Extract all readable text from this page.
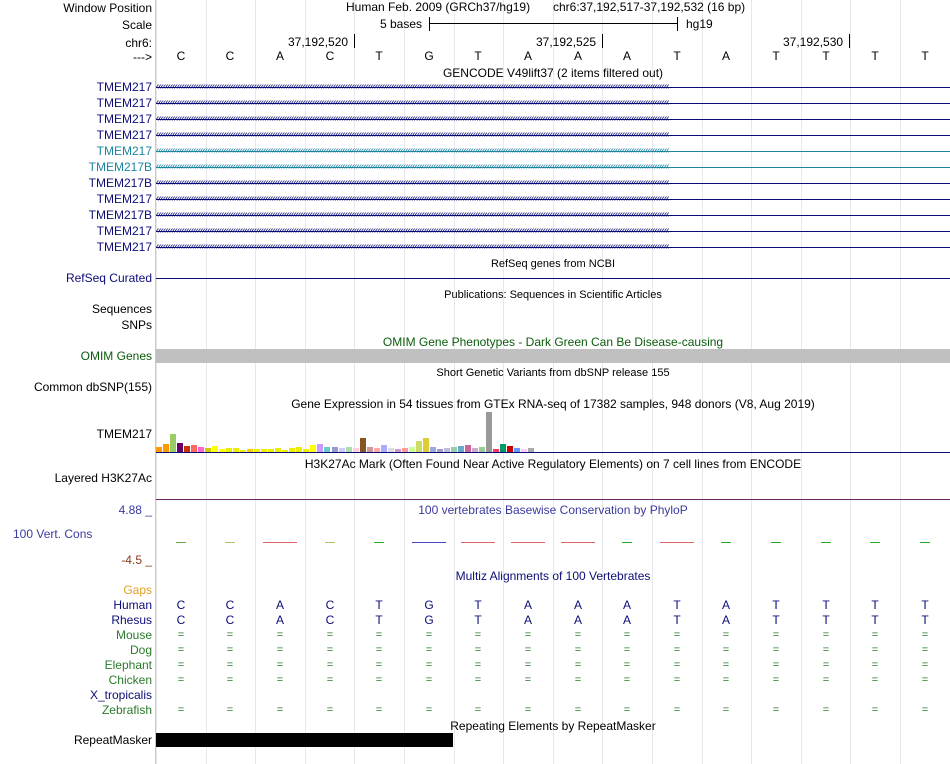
Window Position
Scale
chr6:
--->
Human Feb. 2009 (GRCh37/hg19) chr6:37,192,517-37,192,532 (16 bp)
5 bases	hg19
37,192,520	37,192,525	37,192,530
C	C	A	C	T	G	T	A	A	A	T	A	T	T	T	T
GENCODE V49lift37 (2 items filtered out)
TMEM217 ‹‹‹‹‹‹‹‹‹‹‹‹‹‹‹‹‹‹‹‹‹‹‹‹‹‹‹‹‹‹‹‹‹‹‹‹‹‹‹‹‹‹‹‹‹‹‹‹‹‹‹‹‹‹‹‹‹‹‹‹‹‹‹‹‹‹‹‹‹‹‹‹‹‹‹‹‹‹‹‹‹‹‹‹‹‹‹‹‹‹‹‹‹‹‹‹‹‹‹‹‹‹‹‹‹‹‹‹‹‹‹‹‹‹‹‹‹‹‹‹‹‹‹‹‹‹‹‹‹‹‹‹‹‹‹‹‹‹‹‹‹‹‹‹‹‹‹‹‹‹‹‹‹‹‹‹‹‹‹‹‹‹‹‹‹‹‹‹‹‹‹‹‹‹‹‹‹‹‹‹‹‹‹‹‹‹‹‹‹‹‹‹‹‹‹‹‹‹‹‹‹‹‹‹‹‹‹‹‹‹‹‹‹‹‹‹‹‹‹‹
TMEM217 ‹‹‹‹‹‹‹‹‹‹‹‹‹‹‹‹‹‹‹‹‹‹‹‹‹‹‹‹‹‹‹‹‹‹‹‹‹‹‹‹‹‹‹‹‹‹‹‹‹‹‹‹‹‹‹‹‹‹‹‹‹‹‹‹‹‹‹‹‹‹‹‹‹‹‹‹‹‹‹‹‹‹‹‹‹‹‹‹‹‹‹‹‹‹‹‹‹‹‹‹‹‹‹‹‹‹‹‹‹‹‹‹‹‹‹‹‹‹‹‹‹‹‹‹‹‹‹‹‹‹‹‹‹‹‹‹‹‹‹‹‹‹‹‹‹‹‹‹‹‹‹‹‹‹‹‹‹‹‹‹‹‹‹‹‹‹‹‹‹‹‹‹‹‹‹‹‹‹‹‹‹‹‹‹‹‹‹‹‹‹‹‹‹‹‹‹‹‹‹‹‹‹‹‹‹‹‹‹‹‹‹‹‹‹‹‹‹‹‹‹
TMEM217 ‹‹‹‹‹‹‹‹‹‹‹‹‹‹‹‹‹‹‹‹‹‹‹‹‹‹‹‹‹‹‹‹‹‹‹‹‹‹‹‹‹‹‹‹‹‹‹‹‹‹‹‹‹‹‹‹‹‹‹‹‹‹‹‹‹‹‹‹‹‹‹‹‹‹‹‹‹‹‹‹‹‹‹‹‹‹‹‹‹‹‹‹‹‹‹‹‹‹‹‹‹‹‹‹‹‹‹‹‹‹‹‹‹‹‹‹‹‹‹‹‹‹‹‹‹‹‹‹‹‹‹‹‹‹‹‹‹‹‹‹‹‹‹‹‹‹‹‹‹‹‹‹‹‹‹‹‹‹‹‹‹‹‹‹‹‹‹‹‹‹‹‹‹‹‹‹‹‹‹‹‹‹‹‹‹‹‹‹‹‹‹‹‹‹‹‹‹‹‹‹‹‹‹‹‹‹‹‹‹‹‹‹‹‹‹‹‹‹‹‹
TMEM217 ‹‹‹‹‹‹‹‹‹‹‹‹‹‹‹‹‹‹‹‹‹‹‹‹‹‹‹‹‹‹‹‹‹‹‹‹‹‹‹‹‹‹‹‹‹‹‹‹‹‹‹‹‹‹‹‹‹‹‹‹‹‹‹‹‹‹‹‹‹‹‹‹‹‹‹‹‹‹‹‹‹‹‹‹‹‹‹‹‹‹‹‹‹‹‹‹‹‹‹‹‹‹‹‹‹‹‹‹‹‹‹‹‹‹‹‹‹‹‹‹‹‹‹‹‹‹‹‹‹‹‹‹‹‹‹‹‹‹‹‹‹‹‹‹‹‹‹‹‹‹‹‹‹‹‹‹‹‹‹‹‹‹‹‹‹‹‹‹‹‹‹‹‹‹‹‹‹‹‹‹‹‹‹‹‹‹‹‹‹‹‹‹‹‹‹‹‹‹‹‹‹‹‹‹‹‹‹‹‹‹‹‹‹‹‹‹‹‹‹‹
TMEM217 ‹‹‹‹‹‹‹‹‹‹‹‹‹‹‹‹‹‹‹‹‹‹‹‹‹‹‹‹‹‹‹‹‹‹‹‹‹‹‹‹‹‹‹‹‹‹‹‹‹‹‹‹‹‹‹‹‹‹‹‹‹‹‹‹‹‹‹‹‹‹‹‹‹‹‹‹‹‹‹‹‹‹‹‹‹‹‹‹‹‹‹‹‹‹‹‹‹‹‹‹‹‹‹‹‹‹‹‹‹‹‹‹‹‹‹‹‹‹‹‹‹‹‹‹‹‹‹‹‹‹‹‹‹‹‹‹‹‹‹‹‹‹‹‹‹‹‹‹‹‹‹‹‹‹‹‹‹‹‹‹‹‹‹‹‹‹‹‹‹‹‹‹‹‹‹‹‹‹‹‹‹‹‹‹‹‹‹‹‹‹‹‹‹‹‹‹‹‹‹‹‹‹‹‹‹‹‹‹‹‹‹‹‹‹‹‹‹‹‹‹
TMEM217B ‹‹‹‹‹‹‹‹‹‹‹‹‹‹‹‹‹‹‹‹‹‹‹‹‹‹‹‹‹‹‹‹‹‹‹‹‹‹‹‹‹‹‹‹‹‹‹‹‹‹‹‹‹‹‹‹‹‹‹‹‹‹‹‹‹‹‹‹‹‹‹‹‹‹‹‹‹‹‹‹‹‹‹‹‹‹‹‹‹‹‹‹‹‹‹‹‹‹‹‹‹‹‹‹‹‹‹‹‹‹‹‹‹‹‹‹‹‹‹‹‹‹‹‹‹‹‹‹‹‹‹‹‹‹‹‹‹‹‹‹‹‹‹‹‹‹‹‹‹‹‹‹‹‹‹‹‹‹‹‹‹‹‹‹‹‹‹‹‹‹‹‹‹‹‹‹‹‹‹‹‹‹‹‹‹‹‹‹‹‹‹‹‹‹‹‹‹‹‹‹‹‹‹‹‹‹‹‹‹‹‹‹‹‹‹‹‹‹‹‹
TMEM217B ‹‹‹‹‹‹‹‹‹‹‹‹‹‹‹‹‹‹‹‹‹‹‹‹‹‹‹‹‹‹‹‹‹‹‹‹‹‹‹‹‹‹‹‹‹‹‹‹‹‹‹‹‹‹‹‹‹‹‹‹‹‹‹‹‹‹‹‹‹‹‹‹‹‹‹‹‹‹‹‹‹‹‹‹‹‹‹‹‹‹‹‹‹‹‹‹‹‹‹‹‹‹‹‹‹‹‹‹‹‹‹‹‹‹‹‹‹‹‹‹‹‹‹‹‹‹‹‹‹‹‹‹‹‹‹‹‹‹‹‹‹‹‹‹‹‹‹‹‹‹‹‹‹‹‹‹‹‹‹‹‹‹‹‹‹‹‹‹‹‹‹‹‹‹‹‹‹‹‹‹‹‹‹‹‹‹‹‹‹‹‹‹‹‹‹‹‹‹‹‹‹‹‹‹‹‹‹‹‹‹‹‹‹‹‹‹‹‹‹‹
TMEM217 ‹‹‹‹‹‹‹‹‹‹‹‹‹‹‹‹‹‹‹‹‹‹‹‹‹‹‹‹‹‹‹‹‹‹‹‹‹‹‹‹‹‹‹‹‹‹‹‹‹‹‹‹‹‹‹‹‹‹‹‹‹‹‹‹‹‹‹‹‹‹‹‹‹‹‹‹‹‹‹‹‹‹‹‹‹‹‹‹‹‹‹‹‹‹‹‹‹‹‹‹‹‹‹‹‹‹‹‹‹‹‹‹‹‹‹‹‹‹‹‹‹‹‹‹‹‹‹‹‹‹‹‹‹‹‹‹‹‹‹‹‹‹‹‹‹‹‹‹‹‹‹‹‹‹‹‹‹‹‹‹‹‹‹‹‹‹‹‹‹‹‹‹‹‹‹‹‹‹‹‹‹‹‹‹‹‹‹‹‹‹‹‹‹‹‹‹‹‹‹‹‹‹‹‹‹‹‹‹‹‹‹‹‹‹‹‹‹‹‹‹
TMEM217B ‹‹‹‹‹‹‹‹‹‹‹‹‹‹‹‹‹‹‹‹‹‹‹‹‹‹‹‹‹‹‹‹‹‹‹‹‹‹‹‹‹‹‹‹‹‹‹‹‹‹‹‹‹‹‹‹‹‹‹‹‹‹‹‹‹‹‹‹‹‹‹‹‹‹‹‹‹‹‹‹‹‹‹‹‹‹‹‹‹‹‹‹‹‹‹‹‹‹‹‹‹‹‹‹‹‹‹‹‹‹‹‹‹‹‹‹‹‹‹‹‹‹‹‹‹‹‹‹‹‹‹‹‹‹‹‹‹‹‹‹‹‹‹‹‹‹‹‹‹‹‹‹‹‹‹‹‹‹‹‹‹‹‹‹‹‹‹‹‹‹‹‹‹‹‹‹‹‹‹‹‹‹‹‹‹‹‹‹‹‹‹‹‹‹‹‹‹‹‹‹‹‹‹‹‹‹‹‹‹‹‹‹‹‹‹‹‹‹‹‹
TMEM217 ‹‹‹‹‹‹‹‹‹‹‹‹‹‹‹‹‹‹‹‹‹‹‹‹‹‹‹‹‹‹‹‹‹‹‹‹‹‹‹‹‹‹‹‹‹‹‹‹‹‹‹‹‹‹‹‹‹‹‹‹‹‹‹‹‹‹‹‹‹‹‹‹‹‹‹‹‹‹‹‹‹‹‹‹‹‹‹‹‹‹‹‹‹‹‹‹‹‹‹‹‹‹‹‹‹‹‹‹‹‹‹‹‹‹‹‹‹‹‹‹‹‹‹‹‹‹‹‹‹‹‹‹‹‹‹‹‹‹‹‹‹‹‹‹‹‹‹‹‹‹‹‹‹‹‹‹‹‹‹‹‹‹‹‹‹‹‹‹‹‹‹‹‹‹‹‹‹‹‹‹‹‹‹‹‹‹‹‹‹‹‹‹‹‹‹‹‹‹‹‹‹‹‹‹‹‹‹‹‹‹‹‹‹‹‹‹‹‹‹‹
TMEM217 ‹‹‹‹‹‹‹‹‹‹‹‹‹‹‹‹‹‹‹‹‹‹‹‹‹‹‹‹‹‹‹‹‹‹‹‹‹‹‹‹‹‹‹‹‹‹‹‹‹‹‹‹‹‹‹‹‹‹‹‹‹‹‹‹‹‹‹‹‹‹‹‹‹‹‹‹‹‹‹‹‹‹‹‹‹‹‹‹‹‹‹‹‹‹‹‹‹‹‹‹‹‹‹‹‹‹‹‹‹‹‹‹‹‹‹‹‹‹‹‹‹‹‹‹‹‹‹‹‹‹‹‹‹‹‹‹‹‹‹‹‹‹‹‹‹‹‹‹‹‹‹‹‹‹‹‹‹‹‹‹‹‹‹‹‹‹‹‹‹‹‹‹‹‹‹‹‹‹‹‹‹‹‹‹‹‹‹‹‹‹‹‹‹‹‹‹‹‹‹‹‹‹‹‹‹‹‹‹‹‹‹‹‹‹‹‹‹‹‹‹
RefSeq genes from NCBI
RefSeq Curated
Publications: Sequences in Scientific Articles
Sequences
SNPs
OMIM Gene Phenotypes - Dark Green Can Be Disease-causing
OMIM Genes
Short Genetic Variants from dbSNP release 155
Common dbSNP(155)
Gene Expression in 54 tissues from GTEx RNA-seq of 17382 samples, 948 donors (V8, Aug 2019)
TMEM217
H3K27Ac Mark (Often Found Near Active Regulatory Elements) on 7 cell lines from ENCODE
Layered H3K27Ac
100 vertebrates Basewise Conservation by PhyloP
4.88 _
100 Vert. Cons
-4.5 _
Multiz Alignments of 100 Vertebrates
Gaps
Human	C	C	A	C	T	G	T	A	A	A	T	A	T	T	T	T
Rhesus	C	C	A	C	T	G	T	A	A	A	T	A	T	T	T	T
Mouse	=	=	=	=	=	=	=	=	=	=	=	=	=	=	=	=
Dog	=	=	=	=	=	=	=	=	=	=	=	=	=	=	=	=
Elephant	=	=	=	=	=	=	=	=	=	=	=	=	=	=	=	=
Chicken	=	=	=	=	=	=	=	=	=	=	=	=	=	=	=	=
X_tropicalis
Zebrafish	=	=	=	=	=	=	=	=	=	=	=	=	=	=	=	=
Repeating Elements by RepeatMasker
RepeatMasker
